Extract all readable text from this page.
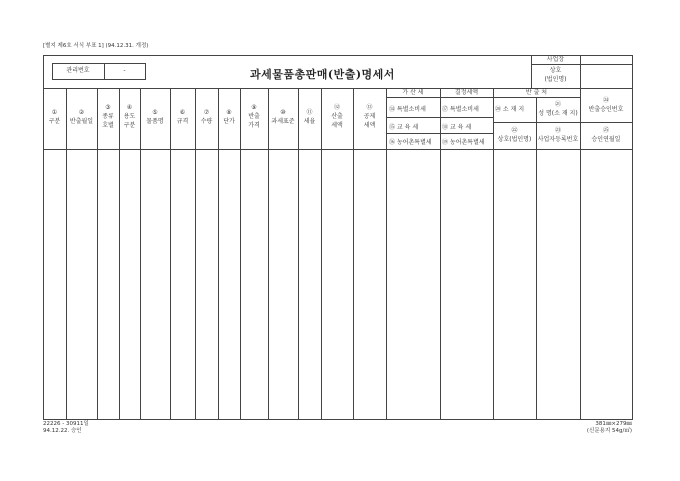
[별지 제6호 서식 부표 1] (94.12.31. 개정)
관리번호	-	과세물품총판매(반출)명세서
사업장
상호
(법인명)
①
구분
②
반출월일
③
종류
호별
④
용도
구분
⑤
물품명
⑥
규격
⑦
수량
⑧
단가
⑨
반출
가격
⑩
과세표준
⑪
세율
⑫
산출
세액
⑬
공제
세액
가 산 세
⑭ 특별소비세
⑮ 교 육 세
⑯ 농어촌특별세
결정세액
⑰ 특별소비세
⑱ 교 육 세
⑲ 농어촌특별세
반 출 처
⑳ 소 재 지
㉑
성 명(소 재 지)
㉒
상호(법인명)
㉓
사업자등록번호
㉔
반출승인번호
㉕
승인연월일
22226 - 30911일
94.12.22. 승인
381㎜×279㎜
(신문용지 54g/㎡)
